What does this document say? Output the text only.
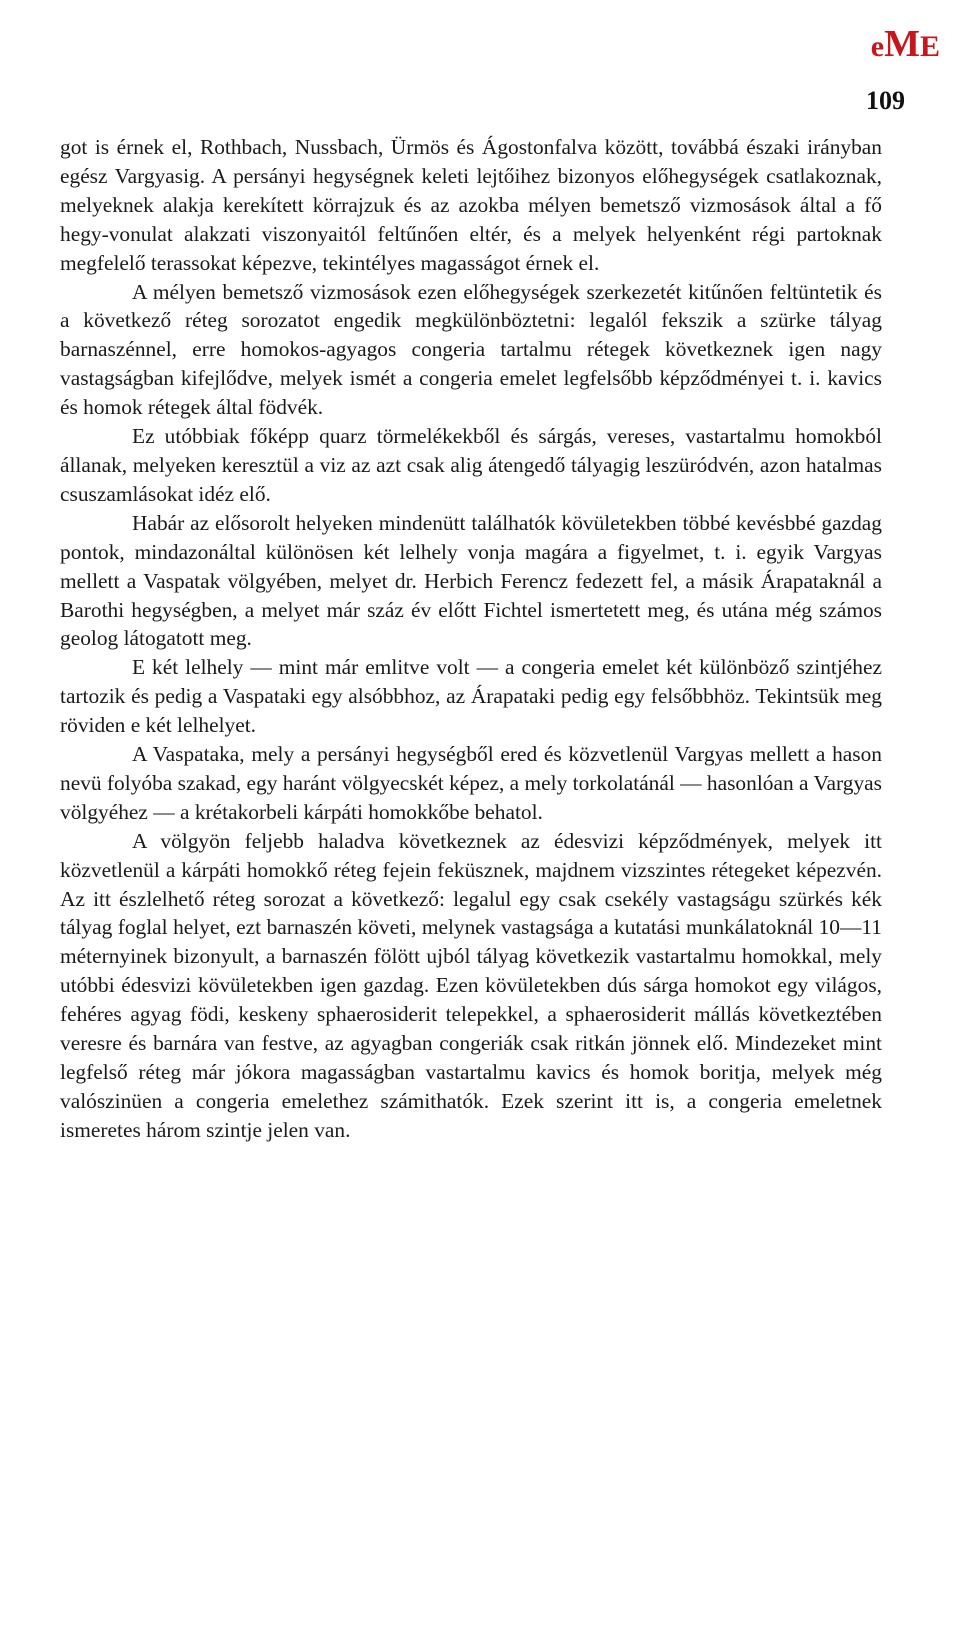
eME
109

got is érnek el, Rothbach, Nussbach, Ürmös és Ágostonfalva között, továbbá északi irányban egész Vargyasig. A persányi hegységnek keleti lejtőihez bizonyos előhegységek csatlakoznak, melyeknek alakja kerekített körrajzuk és az azokba mélyen bemetsző vizmosások által a fő hegy-vonulat alakzati viszonyaitól feltűnően eltér, és a melyek helyenként régi partoknak megfelelő terassokat képezve, tekintélyes magasságot érnek el.

A mélyen bemetsző vizmosások ezen előhegységek szerkezetét kitűnően feltüntetik és a következő réteg sorozatot engedik megkülönböztetni: legalól fekszik a szürke tályag barnaszénnel, erre homokos-agyagos congeria tartalmu rétegek következnek igen nagy vastagságban kifejlődve, melyek ismét a congeria emelet legfelsőbb képződményei t. i. kavics és homok rétegek által födvék.

Ez utóbbiak főképp quarz törmelékekből és sárgás, vereses, vastartalmu homokból állanak, melyeken keresztül a viz az azt csak alig átengedő tályagig leszüródvén, azon hatalmas csuszamlásokat idéz elő.

Habár az elősorolt helyeken mindenütt találhatók kövületekben többé kevésbbé gazdag pontok, mindazonáltal különösen két lelhely vonja magára a figyelmet, t. i. egyik Vargyas mellett a Vaspatak völgyében, melyet dr. Herbich Ferencz fedezett fel, a másik Árapataknál a Barothi hegységben, a melyet már száz év előtt Fichtel ismertetett meg, és utána még számos geolog látogatott meg.

E két lelhely — mint már emlitve volt — a congeria emelet két különböző szintjéhez tartozik és pedig a Vaspataki egy alsóbbhoz, az Árapataki pedig egy felsőbbhöz. Tekintsük meg röviden e két lelhelyet.

A Vaspataka, mely a persányi hegységből ered és közvetlenül Vargyas mellett a hason nevü folyóba szakad, egy haránt völgyecskét képez, a mely torkolatánál — hasonlóan a Vargyas völgyéhez — a krétakorbeli kárpáti homokkőbe behatol.

A völgyön feljebb haladva következnek az édesvizi képződmények, melyek itt közvetlenül a kárpáti homokkő réteg fejein feküsznek, majdnem vizszintes rétegeket képezvén. Az itt észlelhető réteg sorozat a következő: legalul egy csak csekély vastagságu szürkés kék tályag foglal helyet, ezt barnaszén követi, melynek vastagsága a kutatási munkálatoknál 10—11 méternyinek bizonyult, a barnaszén fölött ujból tályag következik vastartalmu homokkal, mely utóbbi édesvizi kövületekben igen gazdag. Ezen kövületekben dús sárga homokot egy világos, fehéres agyag födi, keskeny sphaerosiderit telepekkel, a sphaerosiderit mállás következtében veresre és barnára van festve, az agyagban congeriák csak ritkán jönnek elő. Mindezeket mint legfelső réteg már jókora magasságban vastartalmu kavics és homok boritja, melyek még valószinüen a congeria emelethez számithatók. Ezek szerint itt is, a congeria emeletnek ismeretes három szintje jelen van.
